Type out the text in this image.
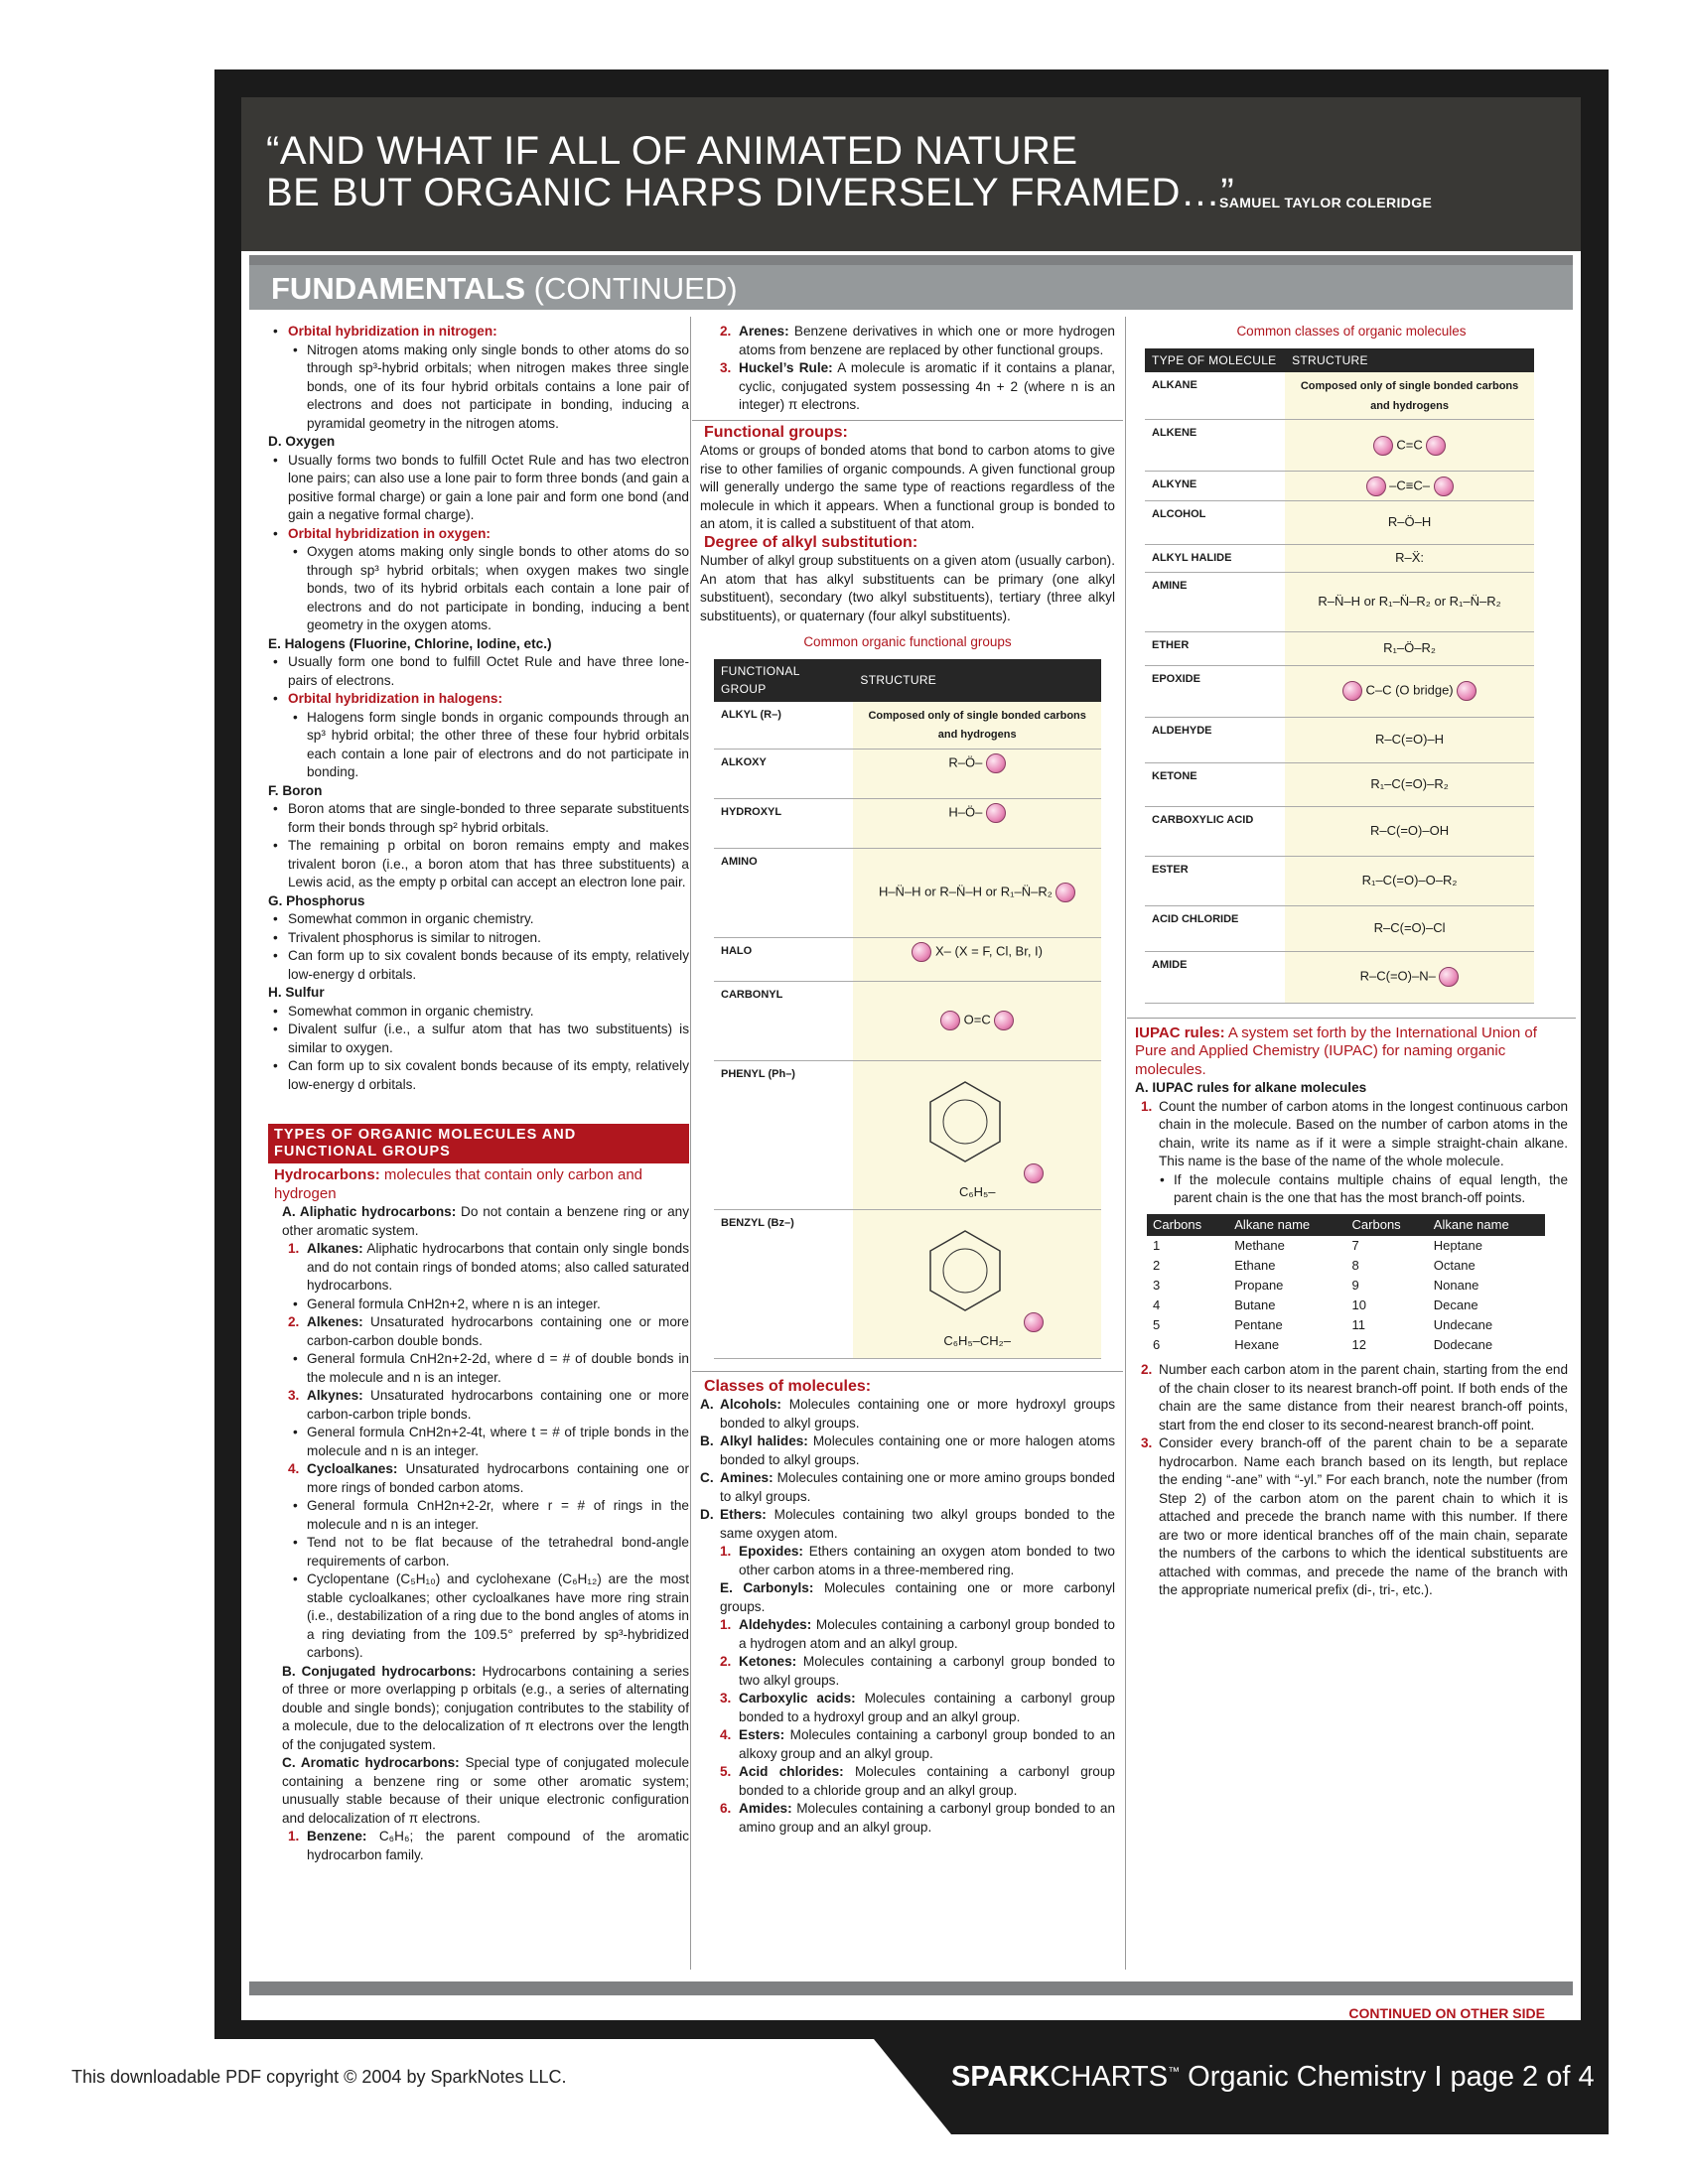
“AND WHAT IF ALL OF ANIMATED NATURE
BE BUT ORGANIC HARPS DIVERSELY FRAMED…”
SAMUEL TAYLOR COLERIDGE
FUNDAMENTALS (CONTINUED)
• Orbital hybridization in nitrogen:
• Nitrogen atoms making only single bonds to other atoms do so through sp³-hybrid orbitals; when nitrogen makes three single bonds, one of its four hybrid orbitals contains a lone pair of electrons and does not participate in bonding, inducing a pyramidal geometry in the nitrogen atoms.
D. Oxygen
• Usually forms two bonds to fulfill Octet Rule and has two electron lone pairs; can also use a lone pair to form three bonds (and gain a positive formal charge) or gain a lone pair and form one bond (and gain a negative formal charge).
• Orbital hybridization in oxygen:
• Oxygen atoms making only single bonds to other atoms do so through sp³ hybrid orbitals; when oxygen makes two single bonds, two of its hybrid orbitals each contain a lone pair of electrons and do not participate in bonding, inducing a bent geometry in the oxygen atoms.
E. Halogens (Fluorine, Chlorine, Iodine, etc.)
• Usually form one bond to fulfill Octet Rule and have three lone-pairs of electrons.
• Orbital hybridization in halogens:
• Halogens form single bonds in organic compounds through an sp³ hybrid orbital; the other three of these four hybrid orbitals each contain a lone pair of electrons and do not participate in bonding.
F. Boron
• Boron atoms that are single-bonded to three separate substituents form their bonds through sp² hybrid orbitals.
• The remaining p orbital on boron remains empty and makes trivalent boron (i.e., a boron atom that has three substituents) a Lewis acid, as the empty p orbital can accept an electron lone pair.
G. Phosphorus
• Somewhat common in organic chemistry.
• Trivalent phosphorus is similar to nitrogen.
• Can form up to six covalent bonds because of its empty, relatively low-energy d orbitals.
H. Sulfur
• Somewhat common in organic chemistry.
• Divalent sulfur (i.e., a sulfur atom that has two substituents) is similar to oxygen.
• Can form up to six covalent bonds because of its empty, relatively low-energy d orbitals.
TYPES OF ORGANIC MOLECULES AND FUNCTIONAL GROUPS
Hydrocarbons: molecules that contain only carbon and hydrogen
A. Aliphatic hydrocarbons: Do not contain a benzene ring or any other aromatic system.
1. Alkanes: Aliphatic hydrocarbons that contain only single bonds and do not contain rings of bonded atoms; also called saturated hydrocarbons.
• General formula CnH2n+2, where n is an integer.
2. Alkenes: Unsaturated hydrocarbons containing one or more carbon-carbon double bonds.
• General formula CnH2n+2-2d, where d = # of double bonds in the molecule and n is an integer.
3. Alkynes: Unsaturated hydrocarbons containing one or more carbon-carbon triple bonds.
• General formula CnH2n+2-4t, where t = # of triple bonds in the molecule and n is an integer.
4. Cycloalkanes: Unsaturated hydrocarbons containing one or more rings of bonded carbon atoms.
• General formula CnH2n+2-2r, where r = # of rings in the molecule and n is an integer.
• Tend not to be flat because of the tetrahedral bond-angle requirements of carbon.
• Cyclopentane (C₅H₁₀) and cyclohexane (C₆H₁₂) are the most stable cycloalkanes; other cycloalkanes have more ring strain (i.e., destabilization of a ring due to the bond angles of atoms in a ring deviating from the 109.5° preferred by sp³-hybridized carbons).
B. Conjugated hydrocarbons: Hydrocarbons containing a series of three or more overlapping p orbitals (e.g., a series of alternating double and single bonds); conjugation contributes to the stability of a molecule, due to the delocalization of π electrons over the length of the conjugated system.
C. Aromatic hydrocarbons: Special type of conjugated molecule containing a benzene ring or some other aromatic system; unusually stable because of their unique electronic configuration and delocalization of π electrons.
1. Benzene: C₆H₆; the parent compound of the aromatic hydrocarbon family.
2. Arenes: Benzene derivatives in which one or more hydrogen atoms from benzene are replaced by other functional groups.
3. Huckel’s Rule: A molecule is aromatic if it contains a planar, cyclic, conjugated system possessing 4n + 2 (where n is an integer) π electrons.
Functional groups:
Atoms or groups of bonded atoms that bond to carbon atoms to give rise to other families of organic compounds. A given functional group will generally undergo the same type of reactions regardless of the molecule in which it appears. When a functional group is bonded to an atom, it is called a substituent of that atom.
Degree of alkyl substitution:
Number of alkyl group substituents on a given atom (usually carbon). An atom that has alkyl substituents can be primary (one alkyl substituent), secondary (two alkyl substituents), tertiary (three alkyl substituents), or quaternary (four alkyl substituents).
Common organic functional groups
FUNCTIONAL GROUP	STRUCTURE
ALKYL (R–)	Composed only of single bonded carbons and hydrogens
ALKOXY	R–Ö–
HYDROXYL	H–Ö–
AMINO	H–N̈–H or R–N̈–H or R₁–N̈–R₂
HALO	X– (X = F, Cl, Br, I)
CARBONYL	O=C
PHENYL (Ph–)	C₆H₅–
BENZYL (Bz–)	C₆H₅–CH₂–
Classes of molecules:
A. Alcohols: Molecules containing one or more hydroxyl groups bonded to alkyl groups.
B. Alkyl halides: Molecules containing one or more halogen atoms bonded to alkyl groups.
C. Amines: Molecules containing one or more amino groups bonded to alkyl groups.
D. Ethers: Molecules containing two alkyl groups bonded to the same oxygen atom.
1. Epoxides: Ethers containing an oxygen atom bonded to two other carbon atoms in a three-membered ring.
E. Carbonyls: Molecules containing one or more carbonyl groups.
1. Aldehydes: Molecules containing a carbonyl group bonded to a hydrogen atom and an alkyl group.
2. Ketones: Molecules containing a carbonyl group bonded to two alkyl groups.
3. Carboxylic acids: Molecules containing a carbonyl group bonded to a hydroxyl group and an alkyl group.
4. Esters: Molecules containing a carbonyl group bonded to an alkoxy group and an alkyl group.
5. Acid chlorides: Molecules containing a carbonyl group bonded to a chloride group and an alkyl group.
6. Amides: Molecules containing a carbonyl group bonded to an amino group and an alkyl group.
Common classes of organic molecules
TYPE OF MOLECULE	STRUCTURE
ALKANE	Composed only of single bonded carbons and hydrogens
ALKENE	C=C
ALKYNE	–C≡C–
ALCOHOL	R–Ö–H
ALKYL HALIDE	R–Ẍ:
AMINE	R–N̈–H or R₁–N̈–R₂ or R₁–N̈–R₂
ETHER	R₁–Ö–R₂
EPOXIDE	C–C (O bridge)
ALDEHYDE	R–C(=O)–H
KETONE	R₁–C(=O)–R₂
CARBOXYLIC ACID	R–C(=O)–OH
ESTER	R₁–C(=O)–O–R₂
ACID CHLORIDE	R–C(=O)–Cl
AMIDE	R–C(=O)–N–
IUPAC rules: A system set forth by the International Union of Pure and Applied Chemistry (IUPAC) for naming organic molecules.
A. IUPAC rules for alkane molecules
1. Count the number of carbon atoms in the longest continuous carbon chain in the molecule. Based on the number of carbon atoms in the chain, write its name as if it were a simple straight-chain alkane. This name is the base of the name of the whole molecule.
• If the molecule contains multiple chains of equal length, the parent chain is the one that has the most branch-off points.
Carbons	Alkane name	Carbons	Alkane name
1	Methane	7	Heptane
2	Ethane	8	Octane
3	Propane	9	Nonane
4	Butane	10	Decane
5	Pentane	11	Undecane
6	Hexane	12	Dodecane
2. Number each carbon atom in the parent chain, starting from the end of the chain closer to its nearest branch-off point. If both ends of the chain are the same distance from their nearest branch-off points, start from the end closer to its second-nearest branch-off point.
3. Consider every branch-off of the parent chain to be a separate hydrocarbon. Name each branch based on its length, but replace the ending “-ane” with “-yl.” For each branch, note the number (from Step 2) of the carbon atom on the parent chain to which it is attached and precede the branch name with this number. If there are two or more identical branches off of the main chain, separate the numbers of the carbons to which the identical substituents are attached with commas, and precede the name of the branch with the appropriate numerical prefix (di-, tri-, etc.).
CONTINUED ON OTHER SIDE
This downloadable PDF copyright © 2004 by SparkNotes LLC.	SPARKCHARTS™ Organic Chemistry I page 2 of 4
